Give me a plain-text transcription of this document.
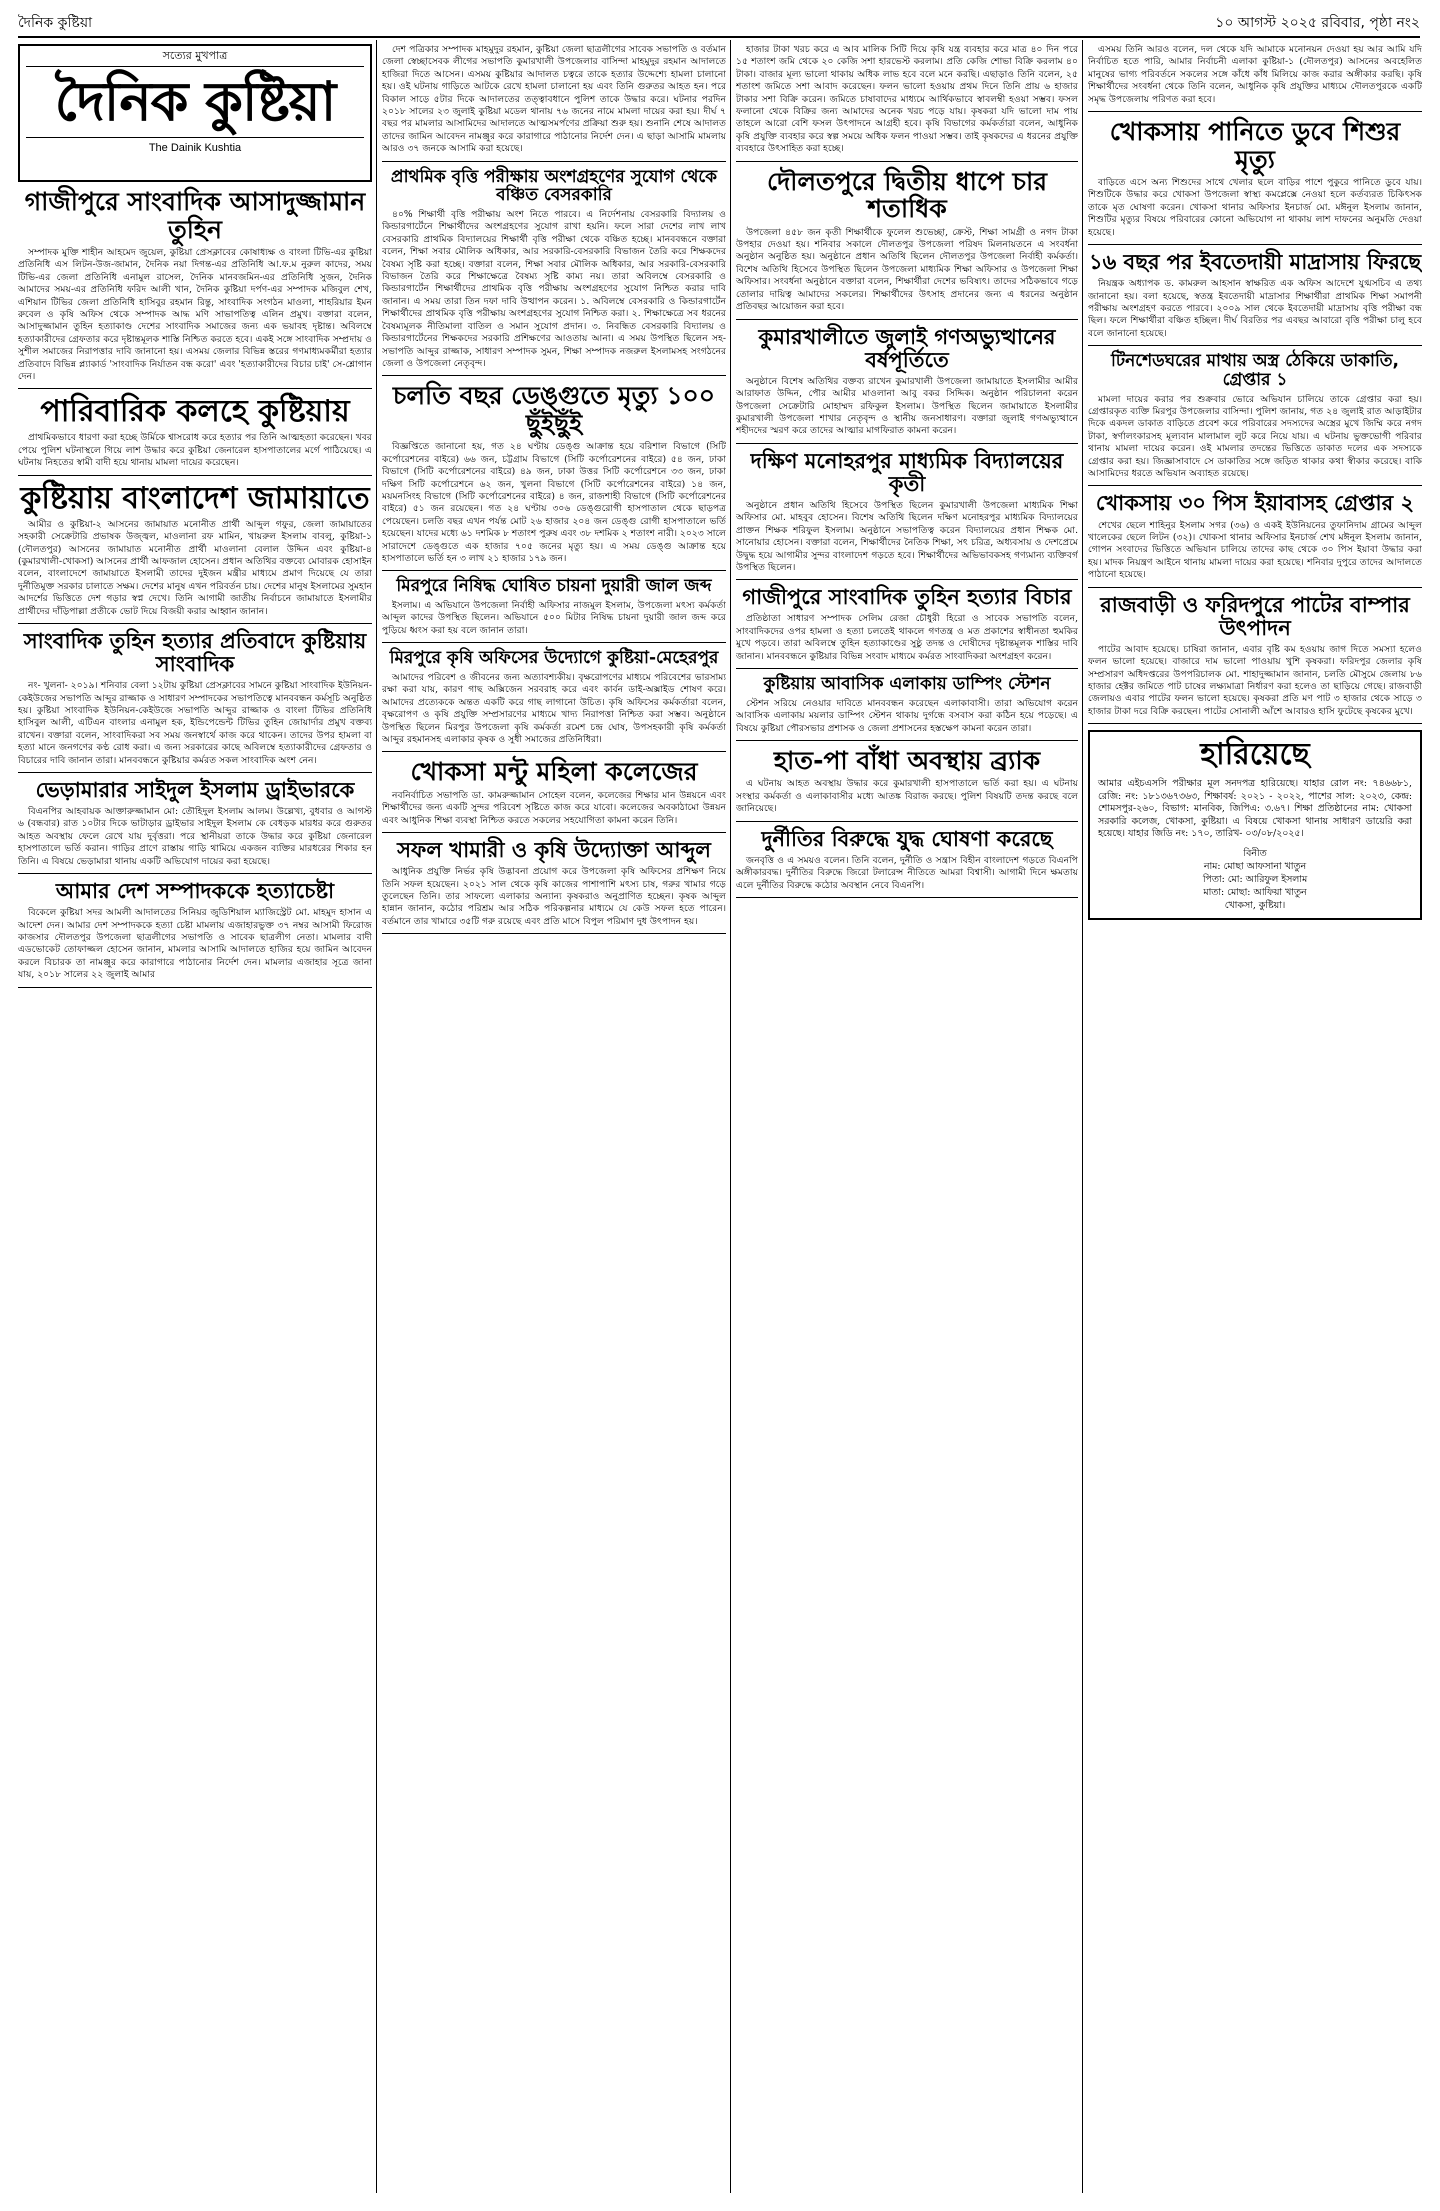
দৈনিক কুষ্টিয়া	১০ আগস্ট ২০২৫ রবিবার, পৃষ্ঠা নং২
সত্যের মুখপাত্র
দৈনিক কুষ্টিয়া
The Dainik Kushtia
গাজীপুরে সাংবাদিক আসাদুজ্জামান তুহিন

সম্পাদক মুক্তি শাহীন আহমেদ জুয়েল, কুষ্টিয়া প্রেসক্লাবের কোষাধ্যক্ষ ও বাংলা টিভি-এর কুষ্টিয়া প্রতিনিধি এস লিটন-উজ-জামান, দৈনিক নয়া দিগন্ত-এর প্রতিনিধি আ.ফ.ম নুরুল কাদের, সময় টিভি-এর জেলা প্রতিনিধি এনামুল রাসেল, দৈনিক মানবজমিন-এর প্রতিনিধি সুজন, দৈনিক আমাদের সময়-এর প্রতিনিধি ফরিদ আলী খান, দৈনিক কুষ্টিয়া দর্পণ-এর সম্পাদক মজিবুল শেখ, এশিয়ান টিভির জেলা প্রতিনিধি হাসিবুর রহমান রিন্তু, সাংবাদিক সংগঠন মাওলা, শাহরিয়ার ইমন রুবেল ও কৃষি অফিস থেকে সম্পাদক আদ্ধ মণি সাভাপতিত্ব এলিন প্রমুখ। বক্তারা বলেন, আসাদুজ্জামান তুহিন হত্যাকাণ্ড দেশের সাংবাদিক সমাজের জন্য এক ভয়াবহ দৃষ্টান্ত। অবিলম্বে হত্যাকারীদের গ্রেফতার করে দৃষ্টান্তমূলক শাস্তি নিশ্চিত করতে হবে। একই সঙ্গে সাংবাদিক সম্প্রদায় ও সুশীল সমাজের নিরাপত্তার দাবি জানানো হয়। এসময় জেলার বিভিন্ন স্তরের গণমাধ্যমকর্মীরা হত্যার প্রতিবাদে বিভিন্ন প্ল্যাকার্ড 'সাংবাদিক নির্যাতন বন্ধ করো' এবং 'হত্যাকারীদের বিচার চাই' সে-শ্লোগান দেন।

পারিবারিক কলহে কুষ্টিয়ায়

প্রাথমিকভাবে ধারণা করা হচ্ছে উর্মিকে শ্বাসরোধ করে হত্যার পর তিনি আত্মহত্যা করেছেন। খবর পেয়ে পুলিশ ঘটনাস্থলে গিয়ে লাশ উদ্ধার করে কুষ্টিয়া জেনারেল হাসপাতালের মর্গে পাঠিয়েছে। এ ঘটনায় নিহতের স্বামী বাদী হয়ে থানায় মামলা দায়ের করেছেন।

কুষ্টিয়ায় বাংলাদেশ জামায়াতে

আমীর ও কুষ্টিয়া-২ আসনের জামায়াত মনোনীত প্রার্থী আব্দুল গফুর, জেলা জামায়াতের সহকারী সেক্রেটারি প্রভাষক উজ্জ্বল, মাওলানা রফ মামিন, খায়রুল ইসলাম বাবলু, কুষ্টিয়া-১ (দৌলতপুর) আসনের জামায়াত মনোনীত প্রার্থী মাওলানা বেলাল উদ্দিন এবং কুষ্টিয়া-৪ (কুমারখালী-খোকসা) আসনের প্রার্থী আফজাল হোসেন। প্রধান অতিথির বক্তব্যে মোবারক হোসাইন বলেন, বাংলাদেশে জামায়াতে ইসলামী তাদের দুইজন মন্ত্রীর মাধ্যমে প্রমাণ দিয়েছে যে তারা দুর্নীতিমুক্ত সরকার চালাতে সক্ষম। দেশের মানুষ এখন পরিবর্তন চায়। দেশের মানুষ ইসলামের সুমহান আদর্শের ভিত্তিতে দেশ গড়ার স্বপ্ন দেখে। তিনি আগামী জাতীয় নির্বাচনে জামায়াতে ইসলামীর প্রার্থীদের দাঁড়িপাল্লা প্রতীকে ভোট দিয়ে বিজয়ী করার আহ্বান জানান।

সাংবাদিক তুহিন হত্যার প্রতিবাদে কুষ্টিয়ায় সাংবাদিক

নং- খুলনা- ২০১৯। শনিবার বেলা ১২টায় কুষ্টিয়া প্রেসক্লাবের সামনে কুষ্টিয়া সাংবাদিক ইউনিয়ন-কেইউজের সভাপতি আব্দুর রাজ্জাক ও সাধারণ সম্পাদকের সভাপতিত্বে মানববন্ধন কর্মসূচি অনুষ্ঠিত হয়। কুষ্টিয়া সাংবাদিক ইউনিয়ন-কেইউজে সভাপতি আব্দুর রাজ্জাক ও বাংলা টিভির প্রতিনিধি হাসিবুল আলী, এটিএন বাংলার এনামুল হক, ইন্ডিপেন্ডেন্ট টিভির তুহিন জোয়ার্দার প্রমুখ বক্তব্য রাখেন। বক্তারা বলেন, সাংবাদিকরা সব সময় জনস্বার্থে কাজ করে থাকেন। তাদের উপর হামলা বা হত্যা মানে জনগণের কণ্ঠ রোধ করা। এ জন্য সরকারের কাছে অবিলম্বে হত্যাকারীদের গ্রেফতার ও বিচারের দাবি জানান তারা। মানববন্ধনে কুষ্টিয়ার কর্মরত সকল সাংবাদিক অংশ নেন।

ভেড়ামারার সাইদুল ইসলাম ড্রাইভারকে

বিএনপির আহবায়ক আক্তারুজ্জামান মো: তৌহিদুল ইসলাম আলম। উল্লেখ্য, বুধবার ও আগস্ট ৬ (বন্ধবার) রাত ১০টার দিকে ভাটাড়ার ড্রাইভার সাইদুল ইসলাম কে বেধড়ক মারধর করে গুরুতর আহত অবস্থায় ফেলে রেখে যায় দুর্বৃত্তরা। পরে স্থানীয়রা তাকে উদ্ধার করে কুষ্টিয়া জেনারেল হাসপাতালে ভর্তি করান। গাড়ির প্রাণে রাস্তায় গাড়ি থামিয়ে একজন ব্যক্তির মারধরের শিকার হন তিনি। এ বিষয়ে ভেড়ামারা থানায় একটি অভিযোগ দায়ের করা হয়েছে।

আমার দেশ সম্পাদককে হত্যাচেষ্টা

বিকেলে কুষ্টিয়া সদর আমলী আদালতের সিনিয়র জুডিশিয়াল ম্যাজিস্ট্রেট মো. মাহমুদ হাসান এ আদেশ দেন। আমার দেশ সম্পাদককে হত্যা চেষ্টা মামলায় এজাহারভুক্ত ৩৭ নম্বর আসামী ফিরোজ কাজসার দৌলতপুর উপজেলা ছাত্রলীগের সভাপতি ও সাবেক ছাত্রলীগ নেতা। মামলার বাদী এডভোকেট তোফাজ্জল হোসেন জানান, মামলার আসামি আদালতে হাজির হয়ে জামিন আবেদন করলে বিচারক তা নামঞ্জুর করে কারাগারে পাঠানোর নির্দেশ দেন। মামলার এজাহার সূত্রে জানা যায়, ২০১৮ সালের ২২ জুলাই আমার

দেশ পত্রিকার সম্পাদক মাহমুদুর রহমান, কুষ্টিয়া জেলা ছাত্রলীগের সাবেক সভাপতি ও বর্তমান জেলা স্বেচ্ছাসেবক লীগের সভাপতি কুমারখালী উপজেলার বাসিন্দা মাহমুদুর রহমান আদালতে হাজিরা দিতে আসেন। এসময় কুষ্টিয়ার আদালত চত্বরে তাকে হত্যার উদ্দেশ্যে হামলা চালানো হয়। ওই ঘটনায় গাড়িতে আটকে রেখে হামলা চালানো হয় এবং তিনি গুরুতর আহত হন। পরে বিকাল সাড়ে ৫টার দিকে আদালতের তত্ত্বাবধানে পুলিশ তাকে উদ্ধার করে। ঘটনার পরদিন ২০১৮ সালের ২৩ জুলাই কুষ্টিয়া মডেল থানায় ৭৬ জনের নামে মামলা দায়ের করা হয়। দীর্ঘ ৭ বছর পর মামলার আসামিদের আদালতে আত্মসমর্পণের প্রক্রিয়া শুরু হয়। শুনানি শেষে আদালত তাদের জামিন আবেদন নামঞ্জুর করে কারাগারে পাঠানোর নির্দেশ দেন। এ ছাড়া আসামি মামলায় আরও ৩৭ জনকে আসামি করা হয়েছে।

প্রাথমিক বৃত্তি পরীক্ষায় অংশগ্রহণের সুযোগ থেকে বঞ্চিত বেসরকারি

৪০% শিক্ষার্থী বৃত্তি পরীক্ষায় অংশ নিতে পারবে। এ নির্দেশনায় বেসরকারি বিদ্যালয় ও কিন্ডারগার্টেনে শিক্ষার্থীদের অংশগ্রহণের সুযোগ রাখা হয়নি। ফলে সারা দেশের লাখ লাখ বেসরকারি প্রাথমিক বিদ্যালয়ের শিক্ষার্থী বৃত্তি পরীক্ষা থেকে বঞ্চিত হচ্ছে। মানববন্ধনে বক্তারা বলেন, শিক্ষা সবার মৌলিক অধিকার, আর সরকারি-বেসরকারি বিভাজন তৈরি করে শিক্ষকদের বৈষম্য সৃষ্টি করা হচ্ছে। বক্তারা বলেন, শিক্ষা সবার মৌলিক অধিকার, আর সরকারি-বেসরকারি বিভাজন তৈরি করে শিক্ষাক্ষেত্রে বৈষম্য সৃষ্টি কাম্য নয়। তারা অবিলম্বে বেসরকারি ও কিন্ডারগার্টেন শিক্ষার্থীদের প্রাথমিক বৃত্তি পরীক্ষায় অংশগ্রহণের সুযোগ নিশ্চিত করার দাবি জানান। এ সময় তারা তিন দফা দাবি উত্থাপন করেন। ১. অবিলম্বে বেসরকারি ও কিন্ডারগার্টেন শিক্ষার্থীদের প্রাথমিক বৃত্তি পরীক্ষায় অংশগ্রহণের সুযোগ নিশ্চিত করা। ২. শিক্ষাক্ষেত্রে সব ধরনের বৈষম্যমূলক নীতিমালা বাতিল ও সমান সুযোগ প্রদান। ৩. নিবন্ধিত বেসরকারি বিদ্যালয় ও কিন্ডারগার্টেনের শিক্ষকদের সরকারি প্রশিক্ষণের আওতায় আনা। এ সময় উপস্থিত ছিলেন সহ-সভাপতি আব্দুর রাজ্জাক, সাধারণ সম্পাদক সুমন, শিক্ষা সম্পাদক নজরুল ইসলামসহ সংগঠনের জেলা ও উপজেলা নেতৃবৃন্দ।

চলতি বছর ডেঙ্গুতে মৃত্যু ১০০ ছুঁইছুঁই

বিজ্ঞপ্তিতে জানানো হয়, গত ২৪ ঘণ্টায় ডেঙ্গু আক্রান্ত হয়ে বরিশাল বিভাগে (সিটি কর্পোরেশনের বাইরে) ৬৬ জন, চট্টগ্রাম বিভাগে (সিটি কর্পোরেশনের বাইরে) ৫৪ জন, ঢাকা বিভাগে (সিটি কর্পোরেশনের বাইরে) ৪৯ জন, ঢাকা উত্তর সিটি কর্পোরেশনে ৩৩ জন, ঢাকা দক্ষিণ সিটি কর্পোরেশনে ৬২ জন, খুলনা বিভাগে (সিটি কর্পোরেশনের বাইরে) ১৪ জন, ময়মনসিংহ বিভাগে (সিটি কর্পোরেশনের বাইরে) ৪ জন, রাজশাহী বিভাগে (সিটি কর্পোরেশনের বাইরে) ৫১ জন রয়েছেন। গত ২৪ ঘণ্টায় ৩০৬ ডেঙ্গুরোগী হাসপাতাল থেকে ছাড়পত্র পেয়েছেন। চলতি বছর এখন পর্যন্ত মোট ২৬ হাজার ২০৪ জন ডেঙ্গু রোগী হাসপাতালে ভর্তি হয়েছেন। যাদের মধ্যে ৬১ দশমিক ৮ শতাংশ পুরুষ এবং ৩৮ দশমিক ২ শতাংশ নারী। ২০২৩ সালে সারাদেশে ডেঙ্গুতে এক হাজার ৭০৫ জনের মৃত্যু হয়। এ সময় ডেঙ্গু আক্রান্ত হয়ে হাসপাতালে ভর্তি হন ৩ লাখ ২১ হাজার ১৭৯ জন।

মিরপুরে নিষিদ্ধ ঘোষিত চায়না দুয়ারী জাল জব্দ

ইসলাম। এ অভিযানে উপজেলা নির্বাহী অফিসার নাজমুল ইসলাম, উপজেলা মৎস্য কর্মকর্তা আব্দুল কাদের উপস্থিত ছিলেন। অভিযানে ৫০০ মিটার নিষিদ্ধ চায়না দুয়ারী জাল জব্দ করে পুড়িয়ে ধ্বংস করা হয় বলে জানান তারা।

মিরপুরে কৃষি অফিসের উদ্যোগে কুষ্টিয়া-মেহেরপুর

আমাদের পরিবেশ ও জীবনের জন্য অত্যাবশ্যকীয়। বৃক্ষরোপণের মাধ্যমে পরিবেশের ভারসাম্য রক্ষা করা যায়, কারণ গাছ অক্সিজেন সরবরাহ করে এবং কার্বন ডাই-অক্সাইড শোষণ করে। আমাদের প্রত্যেককে অন্তত একটি করে গাছ লাগানো উচিত। কৃষি অফিসের কর্মকর্তারা বলেন, বৃক্ষরোপণ ও কৃষি প্রযুক্তি সম্প্রসারণের মাধ্যমে খাদ্য নিরাপত্তা নিশ্চিত করা সম্ভব। অনুষ্ঠানে উপস্থিত ছিলেন মিরপুর উপজেলা কৃষি কর্মকর্তা রমেশ চন্দ্র ঘোষ, উপসহকারী কৃষি কর্মকর্তা আব্দুর রহমানসহ এলাকার কৃষক ও সুধী সমাজের প্রতিনিধিরা।

খোকসা মন্টু মহিলা কলেজের

নবনির্বাচিত সভাপতি ডা. কামরুজ্জামান সোহেল বলেন, কলেজের শিক্ষার মান উন্নয়নে এবং শিক্ষার্থীদের জন্য একটি সুন্দর পরিবেশ সৃষ্টিতে কাজ করে যাবো। কলেজের অবকাঠামো উন্নয়ন এবং আধুনিক শিক্ষা ব্যবস্থা নিশ্চিত করতে সকলের সহযোগিতা কামনা করেন তিনি।

সফল খামারী ও কৃষি উদ্যোক্তা আব্দুল

আধুনিক প্রযুক্তি নির্ভর কৃষি উদ্ভাবনা প্রয়োগ করে উপজেলা কৃষি অফিসের প্রশিক্ষণ নিয়ে তিনি সফল হয়েছেন। ২০২১ সাল থেকে কৃষি কাজের পাশাপাশি মৎস্য চাষ, গরুর খামার গড়ে তুলেছেন তিনি। তার সাফল্যে এলাকার অন্যান্য কৃষকরাও অনুপ্রাণিত হচ্ছেন। কৃষক আব্দুল হান্নান জানান, কঠোর পরিশ্রম আর সঠিক পরিকল্পনার মাধ্যমে যে কেউ সফল হতে পারেন। বর্তমানে তার খামারে ৩৫টি গরু রয়েছে এবং প্রতি মাসে বিপুল পরিমাণ দুধ উৎপাদন হয়।

হাজার টাকা খরচ করে এ আব মালিক সিটি দিয়ে কৃষি যন্ত্র ব্যবহার করে মাত্র ৪০ দিন পরে ১৫ শতাংশ জমি থেকে ২০ কেজি সশা হারভেস্ট করলাম। প্রতি কেজি শোভা বিক্রি করলাম ৪০ টাকা। বাজার মূল্য ভালো থাকায় অধিক লাভ হবে বলে মনে করছি। এছাড়াও তিনি বলেন, ২৫ শতাংশ জমিতে সশা আবাদ করেছেন। ফলন ভালো হওয়ায় প্রথম দিনে তিনি প্রায় ৬ হাজার টাকার সশা বিক্রি করেন। জমিতে চাষাবাদের মাধ্যমে আর্থিকভাবে স্বাবলম্বী হওয়া সম্ভব। ফসল ফলানো থেকে বিক্রির জন্য আমাদের অনেক খরচ পড়ে যায়। কৃষকরা যদি ভালো দাম পায় তাহলে আরো বেশি ফসল উৎপাদনে আগ্রহী হবে। কৃষি বিভাগের কর্মকর্তারা বলেন, আধুনিক কৃষি প্রযুক্তি ব্যবহার করে স্বল্প সময়ে অধিক ফলন পাওয়া সম্ভব। তাই কৃষকদের এ ধরনের প্রযুক্তি ব্যবহারে উৎসাহিত করা হচ্ছে।

দৌলতপুরে দ্বিতীয় ধাপে চার শতাধিক

উপজেলা ৪৫৮ জন কৃতী শিক্ষার্থীকে ফুলেল শুভেচ্ছা, ক্রেস্ট, শিক্ষা সামগ্রী ও নগদ টাকা উপহার দেওয়া হয়। শনিবার সকালে দৌলতপুর উপজেলা পরিষদ মিলনায়তনে এ সংবর্ধনা অনুষ্ঠান অনুষ্ঠিত হয়। অনুষ্ঠানে প্রধান অতিথি ছিলেন দৌলতপুর উপজেলা নির্বাহী কর্মকর্তা। বিশেষ অতিথি হিসেবে উপস্থিত ছিলেন উপজেলা মাধ্যমিক শিক্ষা অফিসার ও উপজেলা শিক্ষা অফিসার। সংবর্ধনা অনুষ্ঠানে বক্তারা বলেন, শিক্ষার্থীরা দেশের ভবিষ্যৎ। তাদের সঠিকভাবে গড়ে তোলার দায়িত্ব আমাদের সকলের। শিক্ষার্থীদের উৎসাহ প্রদানের জন্য এ ধরনের অনুষ্ঠান প্রতিবছর আয়োজন করা হবে।

কুমারখালীতে জুলাই গণঅভ্যুত্থানের বর্ষপূর্তিতে

অনুষ্ঠানে বিশেষ অতিথির বক্তব্য রাখেন কুমারখালী উপজেলা জামায়াতে ইসলামীর আমীর আরাফাত উদ্দিন, পৌর আমীর মাওলানা আবু বকর সিদ্দিক। অনুষ্ঠান পরিচালনা করেন উপজেলা সেক্রেটারি মোহাম্মদ রফিকুল ইসলাম। উপস্থিত ছিলেন জামায়াতে ইসলামীর কুমারখালী উপজেলা শাখার নেতৃবৃন্দ ও স্থানীয় জনসাধারণ। বক্তারা জুলাই গণঅভ্যুত্থানে শহীদদের স্মরণ করে তাদের আত্মার মাগফিরাত কামনা করেন।

দক্ষিণ মনোহরপুর মাধ্যমিক বিদ্যালয়ের কৃতী

অনুষ্ঠানে প্রধান অতিথি হিসেবে উপস্থিত ছিলেন কুমারখালী উপজেলা মাধ্যমিক শিক্ষা অফিসার মো. মাহবুব হোসেন। বিশেষ অতিথি ছিলেন দক্ষিণ মনোহরপুর মাধ্যমিক বিদ্যালয়ের প্রাক্তন শিক্ষক শরিফুল ইসলাম। অনুষ্ঠানে সভাপতিত্ব করেন বিদ্যালয়ের প্রধান শিক্ষক মো. সানোয়ার হোসেন। বক্তারা বলেন, শিক্ষার্থীদের নৈতিক শিক্ষা, সৎ চরিত্র, অধ্যবসায় ও দেশপ্রেমে উদ্বুদ্ধ হয়ে আগামীর সুন্দর বাংলাদেশ গড়তে হবে। শিক্ষার্থীদের অভিভাবকসহ গণ্যমান্য ব্যক্তিবর্গ উপস্থিত ছিলেন।

গাজীপুরে সাংবাদিক তুহিন হত্যার বিচার

প্রতিষ্ঠাতা সাধারণ সম্পাদক সেলিম রেজা চৌধুরী হিরো ও সাবেক সভাপতি বলেন, সাংবাদিকদের ওপর হামলা ও হত্যা চলতেই থাকলে গণতন্ত্র ও মত প্রকাশের স্বাধীনতা হুমকির মুখে পড়বে। তারা অবিলম্বে তুহিন হত্যাকাণ্ডের সুষ্ঠু তদন্ত ও দোষীদের দৃষ্টান্তমূলক শাস্তির দাবি জানান। মানববন্ধনে কুষ্টিয়ার বিভিন্ন সংবাদ মাধ্যমে কর্মরত সাংবাদিকরা অংশগ্রহণ করেন।

কুষ্টিয়ায় আবাসিক এলাকায় ডাম্পিং স্টেশন

স্টেশন সরিয়ে নেওয়ার দাবিতে মানববন্ধন করেছেন এলাকাবাসী। তারা অভিযোগ করেন আবাসিক এলাকায় ময়লার ডাম্পিং স্টেশন থাকায় দুর্গন্ধে বসবাস করা কঠিন হয়ে পড়েছে। এ বিষয়ে কুষ্টিয়া পৌরসভার প্রশাসক ও জেলা প্রশাসনের হস্তক্ষেপ কামনা করেন তারা।

হাত-পা বাঁধা অবস্থায় ব্র্যাক

এ ঘটনায় আহত অবস্থায় উদ্ধার করে কুমারখালী হাসপাতালে ভর্তি করা হয়। এ ঘটনায় সংস্থার কর্মকর্তা ও এলাকাবাসীর মধ্যে আতঙ্ক বিরাজ করছে। পুলিশ বিষয়টি তদন্ত করছে বলে জানিয়েছে।

দুর্নীতির বিরুদ্ধে যুদ্ধ ঘোষণা করেছে

জনবৃত্তি ও এ সময়ও বলেন। তিনি বলেন, দুর্নীতি ও সন্ত্রাস বিহীন বাংলাদেশ গড়তে বিএনপি অঙ্গীকারবদ্ধ। দুর্নীতির বিরুদ্ধে জিরো টলারেন্স নীতিতে আমরা বিশ্বাসী। আগামী দিনে ক্ষমতায় এলে দুর্নীতির বিরুদ্ধে কঠোর অবস্থান নেবে বিএনপি।

এসময় তিনি আরও বলেন, দল থেকে যদি আমাকে মনোনয়ন দেওয়া হয় আর আমি যদি নির্বাচিত হতে পারি, আমার নির্বাচনী এলাকা কুষ্টিয়া-১ (দৌলতপুর) আসনের অবহেলিত মানুষের ভাগ্য পরিবর্তনে সকলের সঙ্গে কাঁধে কাঁধ মিলিয়ে কাজ করার অঙ্গীকার করছি। কৃষি শিক্ষার্থীদের সংবর্ধনা থেকে তিনি বলেন, আধুনিক কৃষি প্রযুক্তির মাধ্যমে দৌলতপুরকে একটি সমৃদ্ধ উপজেলায় পরিণত করা হবে।

খোকসায় পানিতে ডুবে শিশুর মৃত্যু

বাড়িতে এসে অন্য শিশুদের সাথে খেলার ছলে বাড়ির পাশে পুকুরে পানিতে ডুবে যায়। শিশুটিকে উদ্ধার করে খোকসা উপজেলা স্বাস্থ্য কমপ্লেক্সে নেওয়া হলে কর্তব্যরত চিকিৎসক তাকে মৃত ঘোষণা করেন। খোকসা থানার অফিসার ইনচার্জ মো. মঈনুল ইসলাম জানান, শিশুটির মৃত্যুর বিষয়ে পরিবারের কোনো অভিযোগ না থাকায় লাশ দাফনের অনুমতি দেওয়া হয়েছে।

১৬ বছর পর ইবতেদায়ী মাদ্রাসায় ফিরছে

নিয়ন্ত্রক অধ্যাপক ড. কামরুল আহসান স্বাক্ষরিত এক অফিস আদেশে যুগ্মসচিব এ তথ্য জানানো হয়। বলা হয়েছে, স্বতন্ত্র ইবতেদায়ী মাদ্রাসার শিক্ষার্থীরা প্রাথমিক শিক্ষা সমাপনী পরীক্ষায় অংশগ্রহণ করতে পারবে। ২০০৯ সাল থেকে ইবতেদায়ী মাদ্রাসায় বৃত্তি পরীক্ষা বন্ধ ছিল। ফলে শিক্ষার্থীরা বঞ্চিত হচ্ছিল। দীর্ঘ বিরতির পর এবছর আবারো বৃত্তি পরীক্ষা চালু হবে বলে জানানো হয়েছে।

টিনশেডঘরের মাথায় অস্ত্র ঠেকিয়ে ডাকাতি, গ্রেপ্তার ১

মামলা দায়ের করার পর শুক্রবার ভোরে অভিযান চালিয়ে তাকে গ্রেপ্তার করা হয়। গ্রেপ্তারকৃত ব্যক্তি মিরপুর উপজেলার বাসিন্দা। পুলিশ জানায়, গত ২৪ জুলাই রাত আড়াইটার দিকে একদল ডাকাত বাড়িতে প্রবেশ করে পরিবারের সদস্যদের অস্ত্রের মুখে জিম্মি করে নগদ টাকা, স্বর্ণালংকারসহ মূল্যবান মালামাল লুট করে নিয়ে যায়। এ ঘটনায় ভুক্তভোগী পরিবার থানায় মামলা দায়ের করেন। ওই মামলার তদন্তের ভিত্তিতে ডাকাত দলের এক সদস্যকে গ্রেপ্তার করা হয়। জিজ্ঞাসাবাদে সে ডাকাতির সঙ্গে জড়িত থাকার কথা স্বীকার করেছে। বাকি আসামিদের ধরতে অভিযান অব্যাহত রয়েছে।

খোকসায় ৩০ পিস ইয়াবাসহ গ্রেপ্তার ২

শেখের ছেলে শাহিনুর ইসলাম সগর (৩৬) ও একই ইউনিয়নের তুফানিদাম গ্রামের আব্দুল খালেকের ছেলে লিটন (৩২)। খোকসা থানার অফিসার ইনচার্জ শেখ মঈনুল ইসলাম জানান, গোপন সংবাদের ভিত্তিতে অভিযান চালিয়ে তাদের কাছ থেকে ৩০ পিস ইয়াবা উদ্ধার করা হয়। মাদক নিয়ন্ত্রণ আইনে থানায় মামলা দায়ের করা হয়েছে। শনিবার দুপুরে তাদের আদালতে পাঠানো হয়েছে।

রাজবাড়ী ও ফরিদপুরে পাটের বাম্পার উৎপাদন

পাটের আবাদ হয়েছে। চাষিরা জানান, এবার বৃষ্টি কম হওয়ায় জাগ দিতে সমস্যা হলেও ফলন ভালো হয়েছে। বাজারে দাম ভালো পাওয়ায় খুশি কৃষকরা। ফরিদপুর জেলার কৃষি সম্প্রসারণ অধিদপ্তরের উপপরিচালক মো. শাহাদুজ্জামান জানান, চলতি মৌসুমে জেলায় ৮৬ হাজার হেক্টর জমিতে পাট চাষের লক্ষ্যমাত্রা নির্ধারণ করা হলেও তা ছাড়িয়ে গেছে। রাজবাড়ী জেলায়ও এবার পাটের ফলন ভালো হয়েছে। কৃষকরা প্রতি মণ পাট ৩ হাজার থেকে সাড়ে ৩ হাজার টাকা দরে বিক্রি করছেন। পাটের সোনালী আঁশে আবারও হাসি ফুটেছে কৃষকের মুখে।

হারিয়েছে

আমার এইচএসসি পরীক্ষার মূল সনদপত্র হারিয়েছে। যাহার রোল নং: ৭৪৬৬৮১, রেজি: নং: ১৮১৩৬৭৩৬৩, শিক্ষাবর্ষ: ২০২১ - ২০২২, পাশের সাল: ২০২৩, কেন্দ্র: শোমসপুর-২৬০, বিভাগ: মানবিক, জিপিএ: ৩.৬৭। শিক্ষা প্রতিষ্ঠানের নাম: খোকসা সরকারি কলেজ, খোকসা, কুষ্টিয়া। এ বিষয়ে খোকসা থানায় সাধারণ ডায়েরি করা হয়েছে। যাহার জিডি নং: ১৭০, তারিখ- ০৩/০৮/২০২৫।

বিনীত
নাম: মোছা আফসানা খাতুন
পিতা: মো: আরিফুল ইসলাম
মাতা: মোছা: আফিয়া খাতুন
খোকসা, কুষ্টিয়া।
